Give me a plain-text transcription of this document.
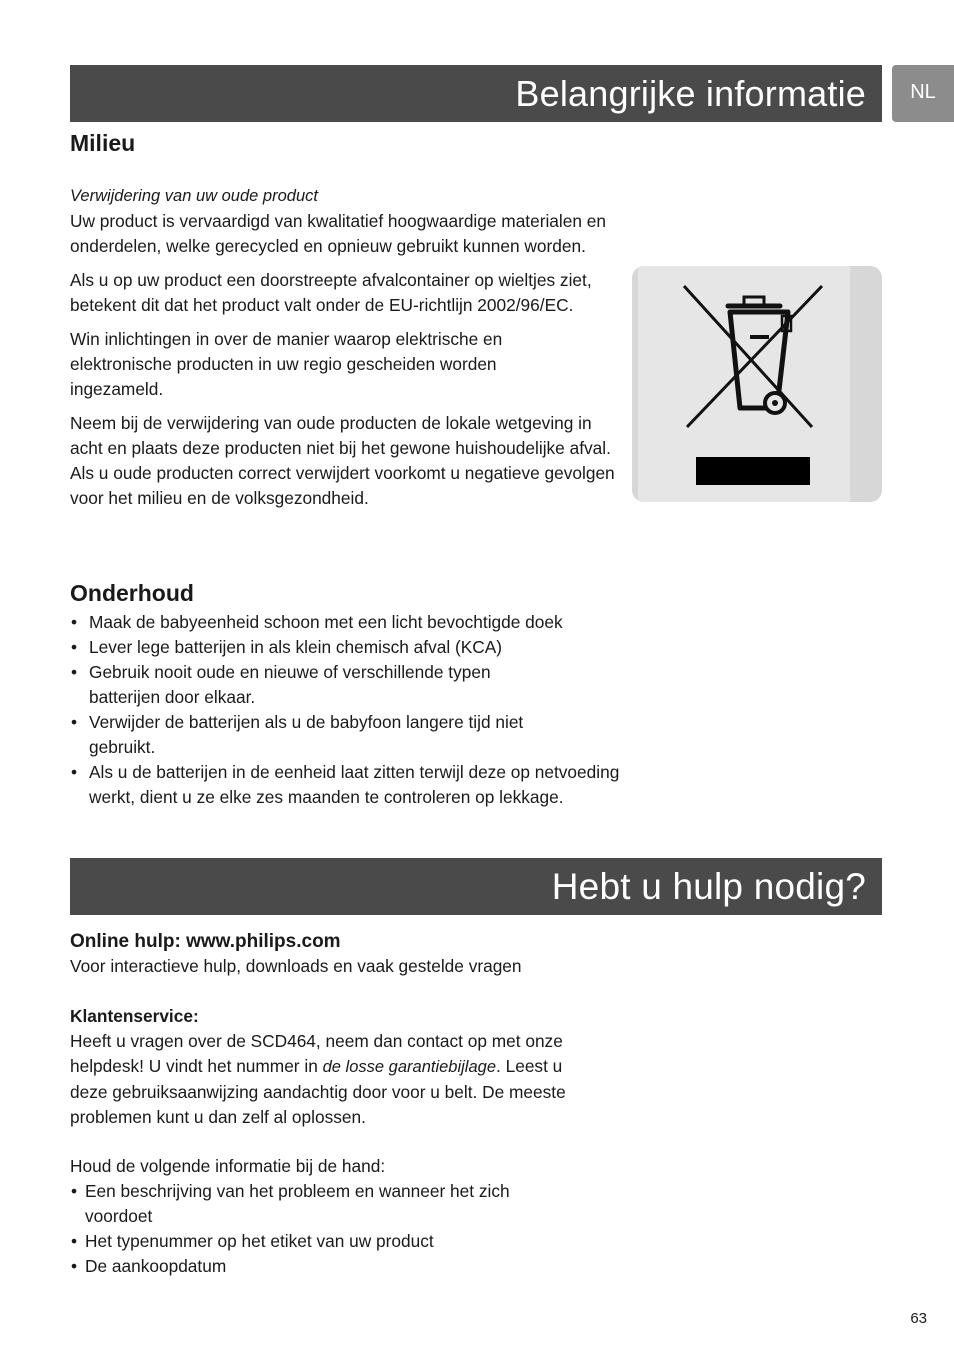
Belangrijke informatie	NL
Milieu

Verwijdering van uw oude product

Uw product is vervaardigd van kwalitatief hoogwaardige materialen en onderdelen, welke gerecycled en opnieuw gebruikt kunnen worden.

Als u op uw product een doorstreepte afvalcontainer op wieltjes ziet, betekent dit dat het product valt onder de EU-richtlijn 2002/96/EC.

Win inlichtingen in over de manier waarop elektrische en elektronische producten in uw regio gescheiden worden ingezameld.

Neem bij de verwijdering van oude producten de lokale wetgeving in acht en plaats deze producten niet bij het gewone huishoudelijke afval. Als u oude producten correct verwijdert voorkomt u negatieve gevolgen voor het milieu en de volksgezondheid.

Onderhoud
• Maak de babyeenheid schoon met een licht bevochtigde doek
• Lever lege batterijen in als klein chemisch afval (KCA)
• Gebruik nooit oude en nieuwe of verschillende typen batterijen door elkaar.
• Verwijder de batterijen als u de babyfoon langere tijd niet gebruikt.
• Als u de batterijen in de eenheid laat zitten terwijl deze op netvoeding werkt, dient u ze elke zes maanden te controleren op lekkage.
Hebt u hulp nodig?

Online hulp: www.philips.com

Voor interactieve hulp, downloads en vaak gestelde vragen

Klantenservice:

Heeft u vragen over de SCD464, neem dan contact op met onze helpdesk! U vindt het nummer in de losse garantiebijlage. Leest u deze gebruiksaanwijzing aandachtig door voor u belt. De meeste problemen kunt u dan zelf al oplossen.

Houd de volgende informatie bij de hand:

• Een beschrijving van het probleem en wanneer het zich voordoet
• Het typenummer op het etiket van uw product
• De aankoopdatum
63
